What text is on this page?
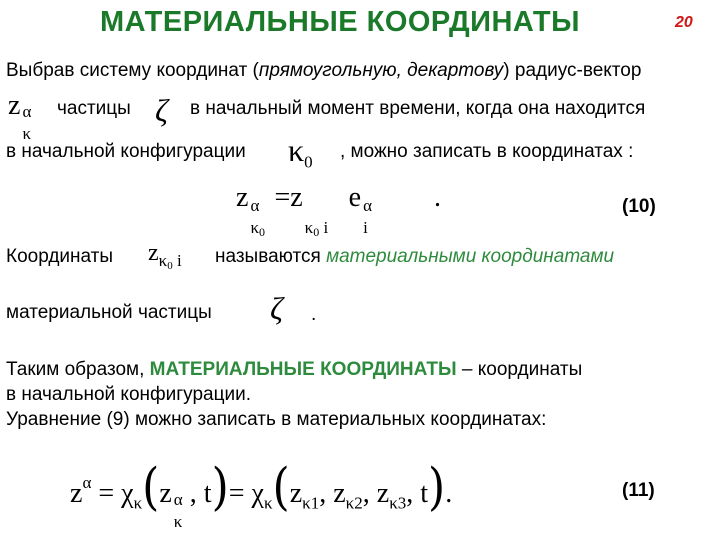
МАТЕРИАЛЬНЫЕ КООРДИНАТЫ	20
Выбрав систему координат (прямоугольную, декартову) радиус-вектор
z α
κ
частицы ζ в начальный момент времени, когда она находится
в начальной конфигурации $\kappa_0$
, можно записать в координатах :
z α
κ0
=z
κ0 i
e α
i
.	(10)
Координаты $z_{\kappa 0 i}$ называются материальными координатами
материальной частицы ζ .
Таким образом, МАТЕРИАЛЬНЫЕ КООРДИНАТЫ – координаты
в начальной конфигурации.
Уравнение (9) можно записать в материальных координатах:
$z^\alpha = \chi_\kappa(z$ α
κ
, $t)= \chi_\kappa(z_{\kappa 1}$, $z_{\kappa 2}$, $z_{\kappa 3}$, t).	(11)
